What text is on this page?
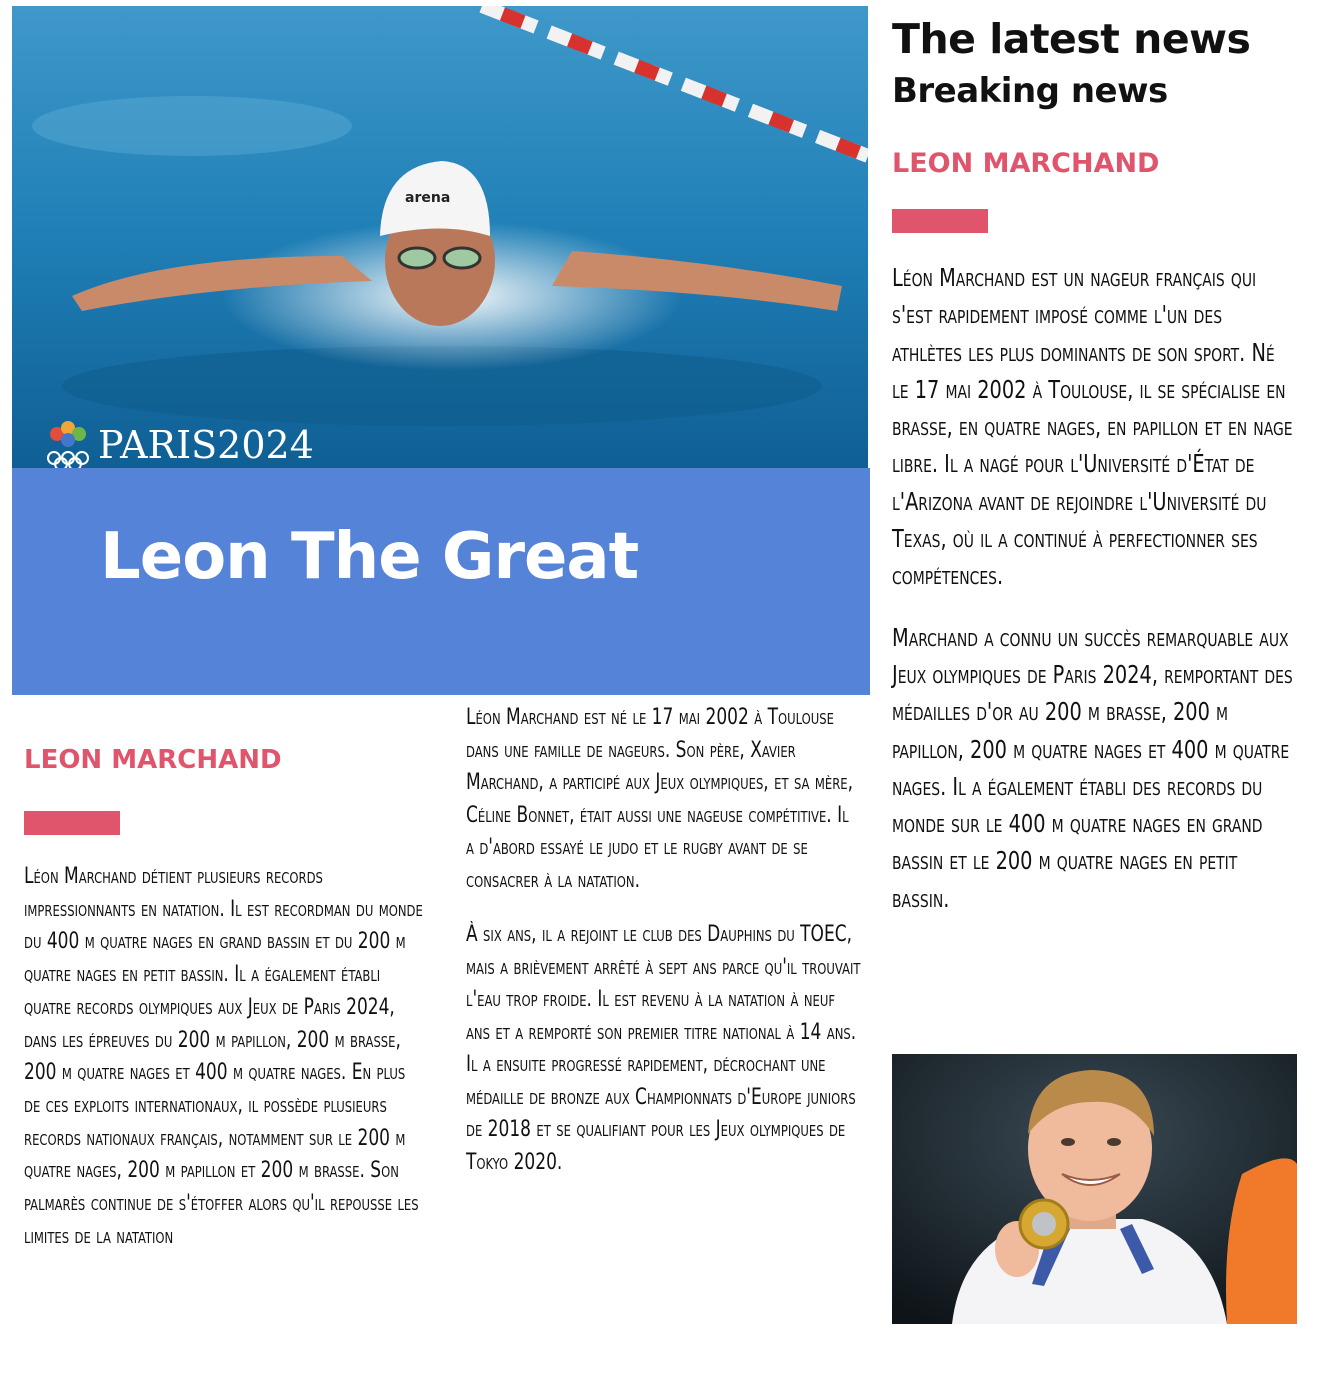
arena
PARIS2024
Leon The Great
LEON MARCHAND

Léon Marchand détient plusieurs records impressionnants en natation. Il est recordman du monde du 400 m quatre nages en grand bassin et du 200 m quatre nages en petit bassin. Il a également établi quatre records olympiques aux Jeux de Paris 2024, dans les épreuves du 200 m papillon, 200 m brasse, 200 m quatre nages et 400 m quatre nages. En plus de ces exploits internationaux, il possède plusieurs records nationaux français, notamment sur le 200 m quatre nages, 200 m papillon et 200 m brasse. Son palmarès continue de s'étoffer alors qu'il repousse les limites de la natation

Léon Marchand est né le 17 mai 2002 à Toulouse dans une famille de nageurs. Son père, Xavier Marchand, a participé aux Jeux olympiques, et sa mère, Céline Bonnet, était aussi une nageuse compétitive. Il a d'abord essayé le judo et le rugby avant de se consacrer à la natation.

À six ans, il a rejoint le club des Dauphins du TOEC, mais a brièvement arrêté à sept ans parce qu'il trouvait l'eau trop froide. Il est revenu à la natation à neuf ans et a remporté son premier titre national à 14 ans. Il a ensuite progressé rapidement, décrochant une médaille de bronze aux Championnats d'Europe juniors de 2018 et se qualifiant pour les Jeux olympiques de Tokyo 2020.

The latest news
Breaking news
LEON MARCHAND

Léon Marchand est un nageur français qui s'est rapidement imposé comme l'un des athlètes les plus dominants de son sport. Né le 17 mai 2002 à Toulouse, il se spécialise en brasse, en quatre nages, en papillon et en nage libre. Il a nagé pour l'Université d'État de l'Arizona avant de rejoindre l'Université du Texas, où il a continué à perfectionner ses compétences.

Marchand a connu un succès remarquable aux Jeux olympiques de Paris 2024, remportant des médailles d'or au 200 m brasse, 200 m papillon, 200 m quatre nages et 400 m quatre nages. Il a également établi des records du monde sur le 400 m quatre nages en grand bassin et le 200 m quatre nages en petit bassin.
